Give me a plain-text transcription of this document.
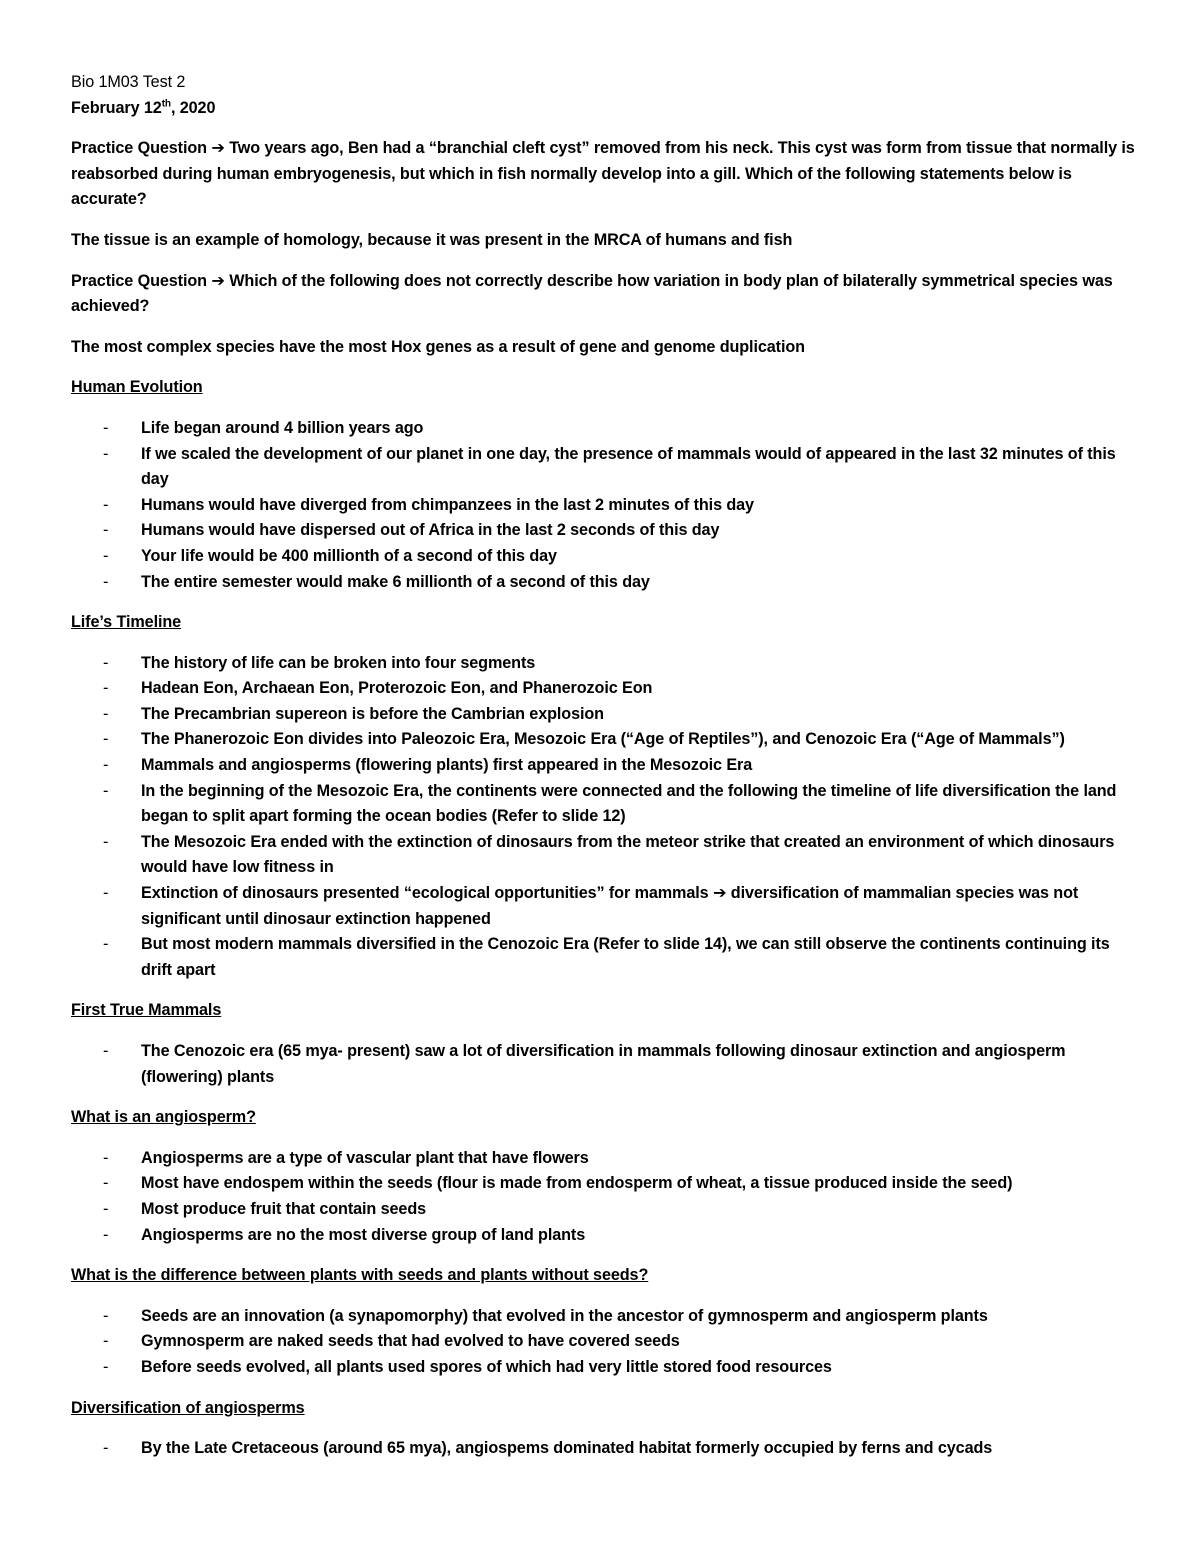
Bio 1M03 Test 2
February 12th, 2020

Practice Question ➔ Two years ago, Ben had a “branchial cleft cyst” removed from his neck. This cyst was form from tissue that normally is reabsorbed during human embryogenesis, but which in fish normally develop into a gill. Which of the following statements below is accurate?

The tissue is an example of homology, because it was present in the MRCA of humans and fish

Practice Question ➔ Which of the following does not correctly describe how variation in body plan of bilaterally symmetrical species was achieved?

The most complex species have the most Hox genes as a result of gene and genome duplication

Human Evolution
- Life began around 4 billion years ago
- If we scaled the development of our planet in one day, the presence of mammals would of appeared in the last 32 minutes of this day
- Humans would have diverged from chimpanzees in the last 2 minutes of this day
- Humans would have dispersed out of Africa in the last 2 seconds of this day
- Your life would be 400 millionth of a second of this day
- The entire semester would make 6 millionth of a second of this day
Life’s Timeline
- The history of life can be broken into four segments
- Hadean Eon, Archaean Eon, Proterozoic Eon, and Phanerozoic Eon
- The Precambrian supereon is before the Cambrian explosion
- The Phanerozoic Eon divides into Paleozoic Era, Mesozoic Era (“Age of Reptiles”), and Cenozoic Era (“Age of Mammals”)
- Mammals and angiosperms (flowering plants) first appeared in the Mesozoic Era
- In the beginning of the Mesozoic Era, the continents were connected and the following the timeline of life diversification the land began to split apart forming the ocean bodies (Refer to slide 12)
- The Mesozoic Era ended with the extinction of dinosaurs from the meteor strike that created an environment of which dinosaurs would have low fitness in
- Extinction of dinosaurs presented “ecological opportunities” for mammals ➔ diversification of mammalian species was not significant until dinosaur extinction happened
- But most modern mammals diversified in the Cenozoic Era (Refer to slide 14), we can still observe the continents continuing its drift apart
First True Mammals
- The Cenozoic era (65 mya- present) saw a lot of diversification in mammals following dinosaur extinction and angiosperm (flowering) plants
What is an angiosperm?
- Angiosperms are a type of vascular plant that have flowers
- Most have endospem within the seeds (flour is made from endosperm of wheat, a tissue produced inside the seed)
- Most produce fruit that contain seeds
- Angiosperms are no the most diverse group of land plants
What is the difference between plants with seeds and plants without seeds?
- Seeds are an innovation (a synapomorphy) that evolved in the ancestor of gymnosperm and angiosperm plants
- Gymnosperm are naked seeds that had evolved to have covered seeds
- Before seeds evolved, all plants used spores of which had very little stored food resources
Diversification of angiosperms
- By the Late Cretaceous (around 65 mya), angiospems dominated habitat formerly occupied by ferns and cycads
